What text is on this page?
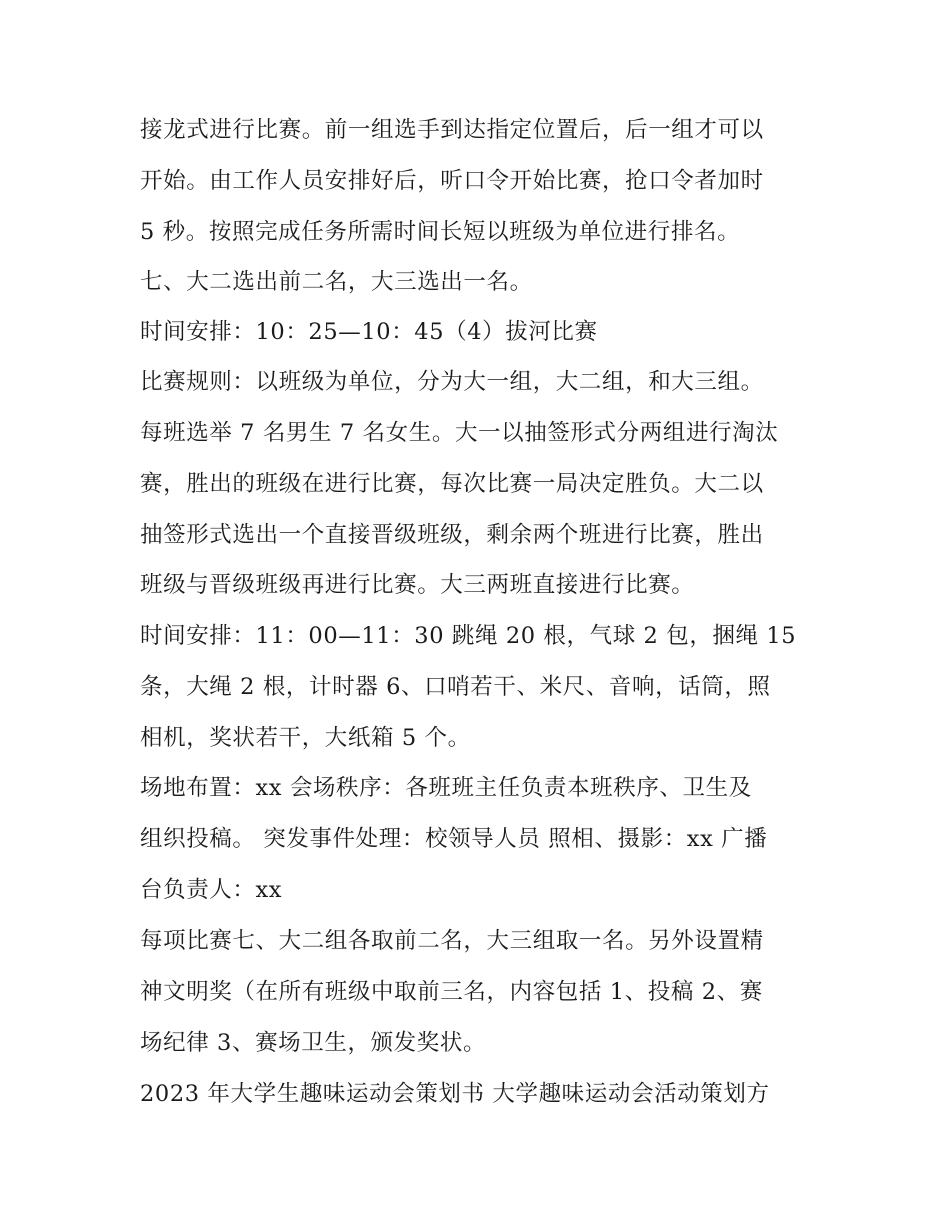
接龙式进行比赛。前一组选手到达指定位置后，后一组才可以
开始。由工作人员安排好后，听口令开始比赛，抢口令者加时
5 秒。按照完成任务所需时间长短以班级为单位进行排名。
七、大二选出前二名，大三选出一名。
时间安排：10：25—10：45（4）拔河比赛
比赛规则：以班级为单位，分为大一组，大二组，和大三组。
每班选举 7 名男生 7 名女生。大一以抽签形式分两组进行淘汰
赛，胜出的班级在进行比赛，每次比赛一局决定胜负。大二以
抽签形式选出一个直接晋级班级，剩余两个班进行比赛，胜出
班级与晋级班级再进行比赛。大三两班直接进行比赛。
时间安排：11：00—11：30 跳绳 20 根，气球 2 包，捆绳 15
条，大绳 2 根，计时器 6、口哨若干、米尺、音响，话筒，照
相机，奖状若干，大纸箱 5 个。
场地布置：xx 会场秩序：各班班主任负责本班秩序、卫生及
组织投稿。 突发事件处理：校领导人员 照相、摄影：xx 广播
台负责人：xx
每项比赛七、大二组各取前二名，大三组取一名。另外设置精
神文明奖（在所有班级中取前三名，内容包括 1、投稿 2、赛
场纪律 3、赛场卫生，颁发奖状。
2023 年大学生趣味运动会策划书 大学趣味运动会活动策划方
